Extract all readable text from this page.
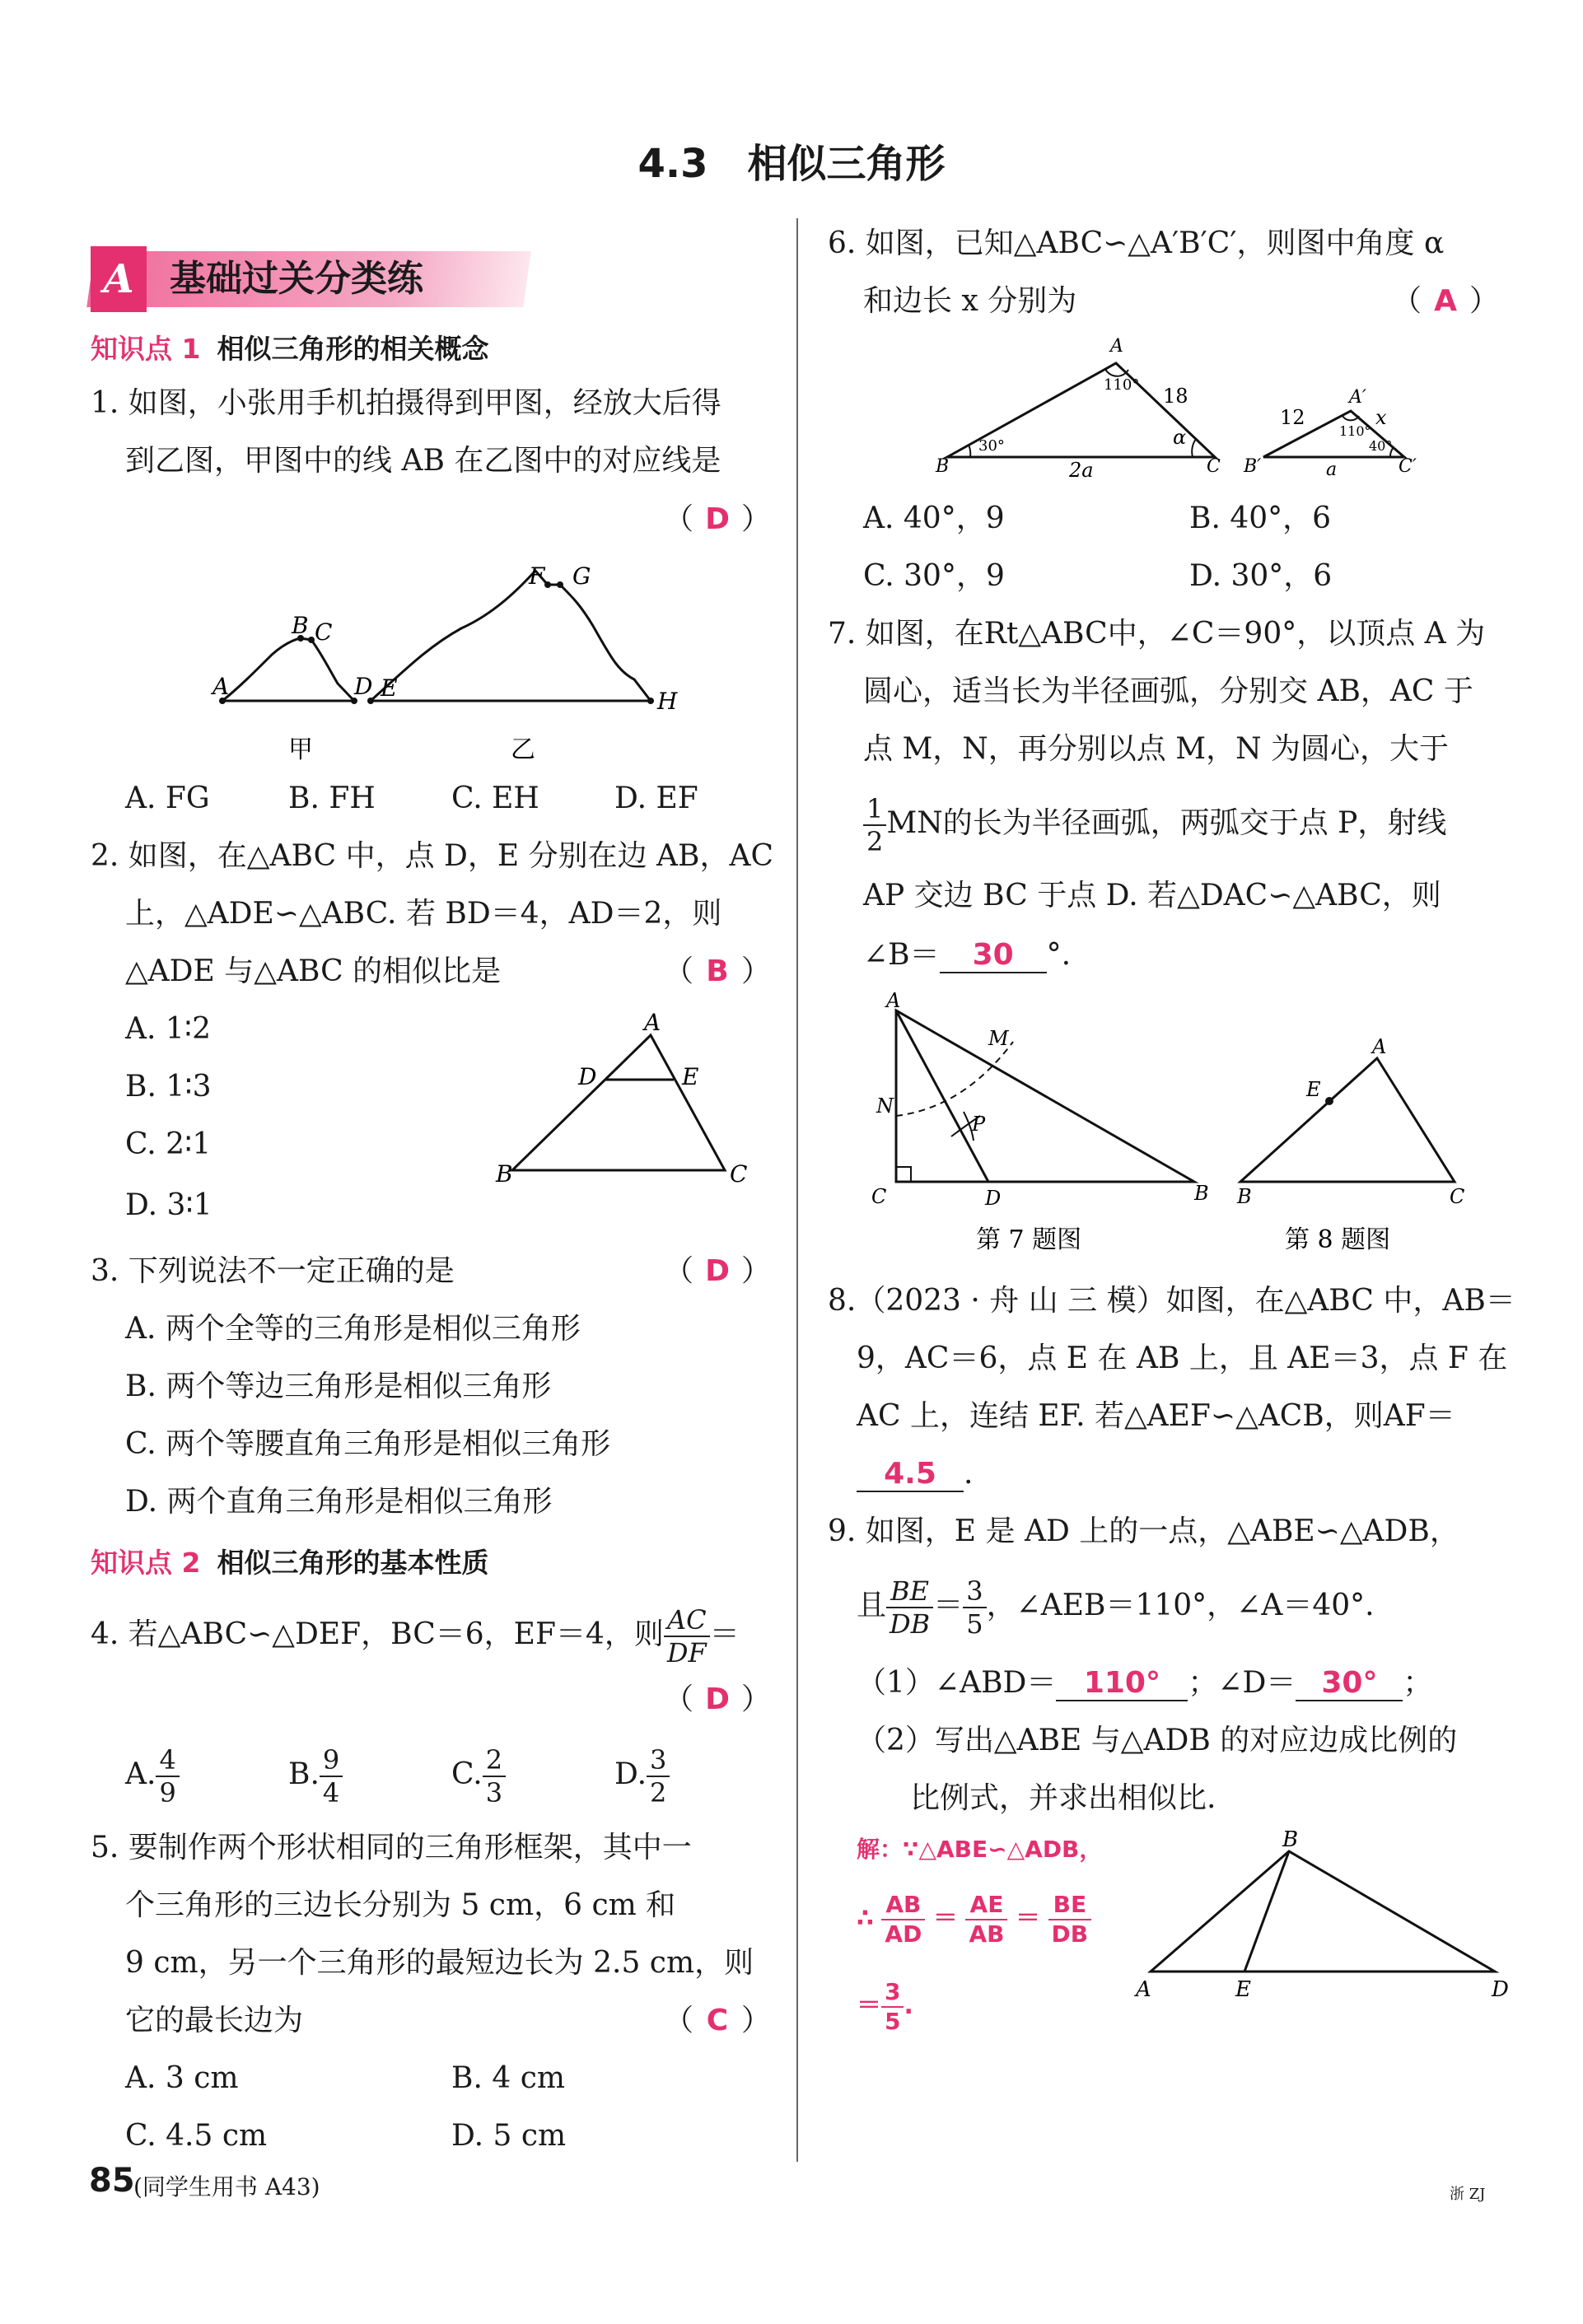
4.3　相似三角形
A 基础过关分类练
知识点 1 相似三角形的相关概念
1. 如图，小张用手机拍摄得到甲图，经放大后得
到乙图，甲图中的线 AB 在乙图中的对应线是
（ D ）
A
B C
D E
F G
H
甲	乙
A. FG	B. FH	C. EH	D. EF
2. 如图，在△ABC 中，点 D，E 分别在边 AB，AC
上，△ADE∽△ABC. 若 BD＝4，AD＝2，则
△ADE 与△ABC 的相似比是	（ B ）
A. 1∶2
B. 1∶3
C. 2∶1
D. 3∶1
A
B	C
D	E
3. 下列说法不一定正确的是	（ D ）
A. 两个全等的三角形是相似三角形
B. 两个等边三角形是相似三角形
C. 两个等腰直角三角形是相似三角形
D. 两个直角三角形是相似三角形
知识点 2 相似三角形的基本性质
4. 若△ABC∽△DEF，BC＝6，EF＝4，则 $\frac{AC}{DF}$ ＝
（ D ）
A. $\frac{4}{9}$	B. $\frac{9}{4}$	C. $\frac{2}{3}$	D. $\frac{3}{2}$
5. 要制作两个形状相同的三角形框架，其中一
个三角形的三边长分别为 5 cm，6 cm 和
9 cm，另一个三角形的最短边长为 2.5 cm，则
它的最长边为	（ C ）
A. 3 cm	B. 4 cm
C. 4.5 cm	D. 5 cm
6. 如图，已知△ABC∽△A′B′C′，则图中角度 α
和边长 x 分别为	（ A ）
A
B	C
110° 18
30°	α
2a
A′
B′	C′
12	x
110°
40°
a
A. 40°，9	B. 40°，6
C. 30°，9	D. 30°，6
7. 如图，在Rt△ABC中，∠C＝90°，以顶点 A 为
圆心，适当长为半径画弧，分别交 AB，AC 于
点 M，N，再分别以点 M，N 为圆心，大于
$\frac{1}{2}$ MN的长为半径画弧，两弧交于点 P，射线
AP 交边 BC 于点 D. 若△DAC∽△ABC，则
∠B＝ 30 °.
A
C	D	B
M
N
P
第 7 题图
A
B	C
E
第 8 题图
8.（2023 · 舟 山 三 模）如图，在△ABC 中，AB＝
9，AC＝6，点 E 在 AB 上，且 AE＝3，点 F 在
AC 上，连结 EF. 若△AEF∽△ACB，则AF＝
4.5 .
9. 如图，E 是 AD 上的一点，△ABE∽△ADB，
且 $\frac{BE}{DB} = \frac{3}{5}$ ，∠AEB＝110°，∠A＝40°.
（1）∠ABD＝ 110° ；∠D＝ 30° ；
（2）写出△ABE 与△ADB 的对应边成比例的
比例式，并求出相似比.
解：∵△ABE∽△ADB，
∴ $\frac{AB}{AD} = \frac{AE}{AB} = \frac{BE}{DB}$
＝ $\frac{3}{5}$ .
B
A	E	D
85
(同学生用书 A43)	浙 ZJ
